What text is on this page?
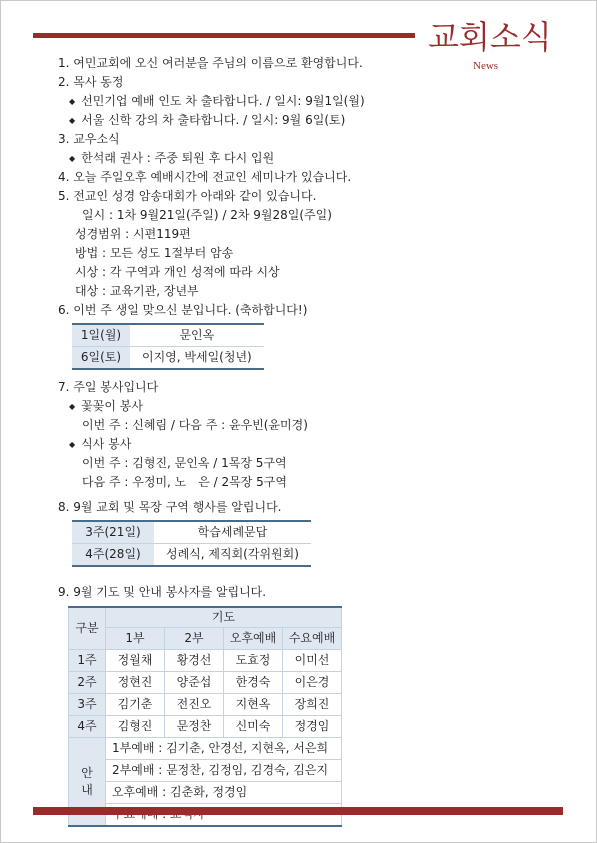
교회소식
News
1. 여민교회에 오신 여러분을 주님의 이름으로 환영합니다.
2. 목사 동정
◆ 선민기업 예배 인도 차 출타합니다. / 일시: 9월1일(월)
◆ 서울 신학 강의 차 출타합니다. / 일시: 9월 6일(토)
3. 교우소식
◆ 한석래 권사 : 주중 퇴원 후 다시 입원
4. 오늘 주일오후 예배시간에 전교인 세미나가 있습니다.
5. 전교인 성경 암송대회가 아래와 같이 있습니다.
일시 : 1차 9월21일(주일) / 2차 9월28일(주일)
성경범위 : 시편119편
방법 : 모든 성도 1절부터 암송
시상 : 각 구역과 개인 성적에 따라 시상
대상 : 교육기관, 장년부
6. 이번 주 생일 맞으신 분입니다. (축하합니다!)
1일(월)	문인옥
6일(토)	이지영, 박세일(청년)
7. 주일 봉사입니다
◆ 꽃꽂이 봉사
이번 주 : 신혜림 / 다음 주 : 윤우빈(윤미경)
◆ 식사 봉사
이번 주 : 김형진, 문인옥 / 1목장 5구역
다음 주 : 우정미, 노　은 / 2목장 5구역
8. 9월 교회 및 목장 구역 행사를 알립니다.
3주(21일)	학습세례문답
4주(28일)	성례식, 제직회(각위원회)
9. 9월 기도 및 안내 봉사자를 알립니다.
구분	기도			
	1부	2부	오후예배	수요예배
1주	정월채	황경선	도효정	이미선
2주	정현진	양준섭	한경숙	이은경
3주	김기춘	전진오	지현옥	장희진
4주	김형진	문정찬	신미숙	정경임
안내	1부예배 : 김기춘, 안경선, 지현옥, 서은희			
	2부예배 : 문정찬, 김정임, 김경숙, 김은지			
	오후예배 : 김춘화, 정경임			
